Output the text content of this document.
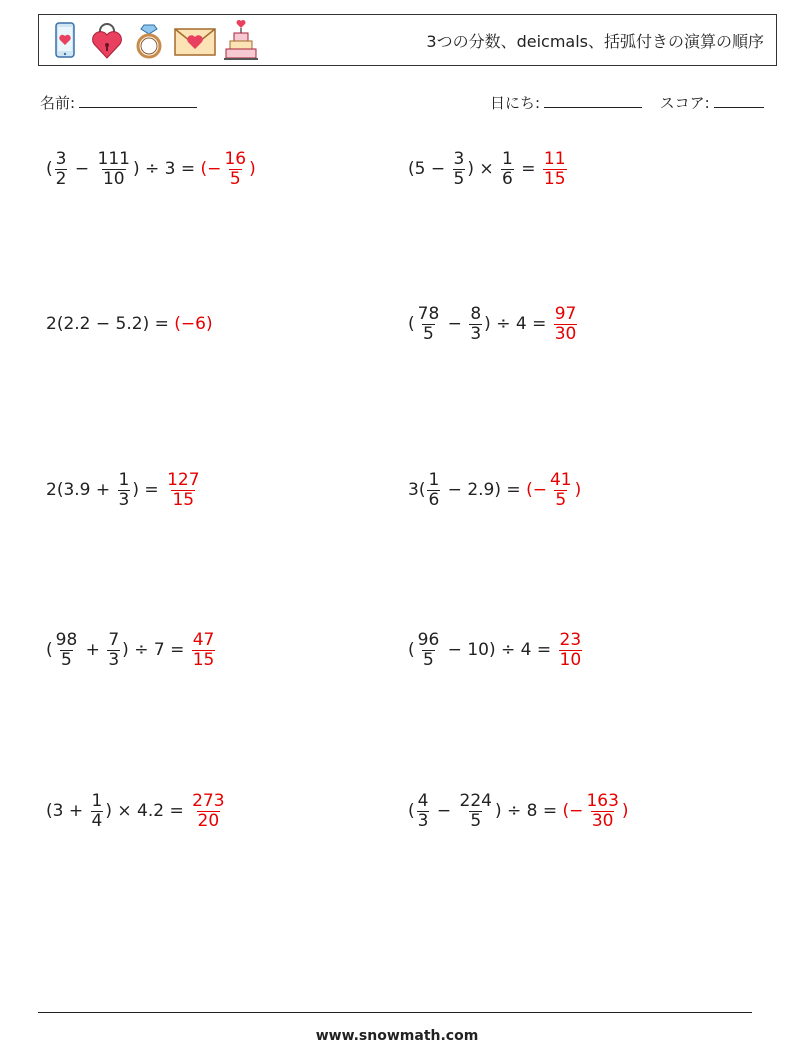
3つの分数、deicmals、括弧付きの演算の順序
名前:	日にち:	スコア:
( $\frac{3}{2} - \frac{111}{10}$ ) ÷ 3 = (− $\frac{16}{5}$ )	($5 - \frac{3}{5}$ ) × $\frac{1}{6} = \frac{11}{15}$
2(2.2 − 5.2) = (−6)	( $\frac{78}{5} - \frac{8}{3}$ ) ÷ $4 = \frac{97}{30}$
$2(3.9 + \frac{1}{3}$ ) = $\frac{127}{15}$	$3( \frac{1}{6} - 2.9)$ = (− $\frac{41}{5}$ )
( $\frac{98}{5} + \frac{7}{3}$ ) ÷ $7 = \frac{47}{15}$	( $\frac{96}{5} - 10) \div 4 = \frac{23}{10}$
($3 + \frac{1}{4}$ ) × $4.2 = \frac{273}{20}$	( $\frac{4}{3} - \frac{224}{5}$ ) ÷ 8 = (− $\frac{163}{30}$ )
www.snowmath.com
